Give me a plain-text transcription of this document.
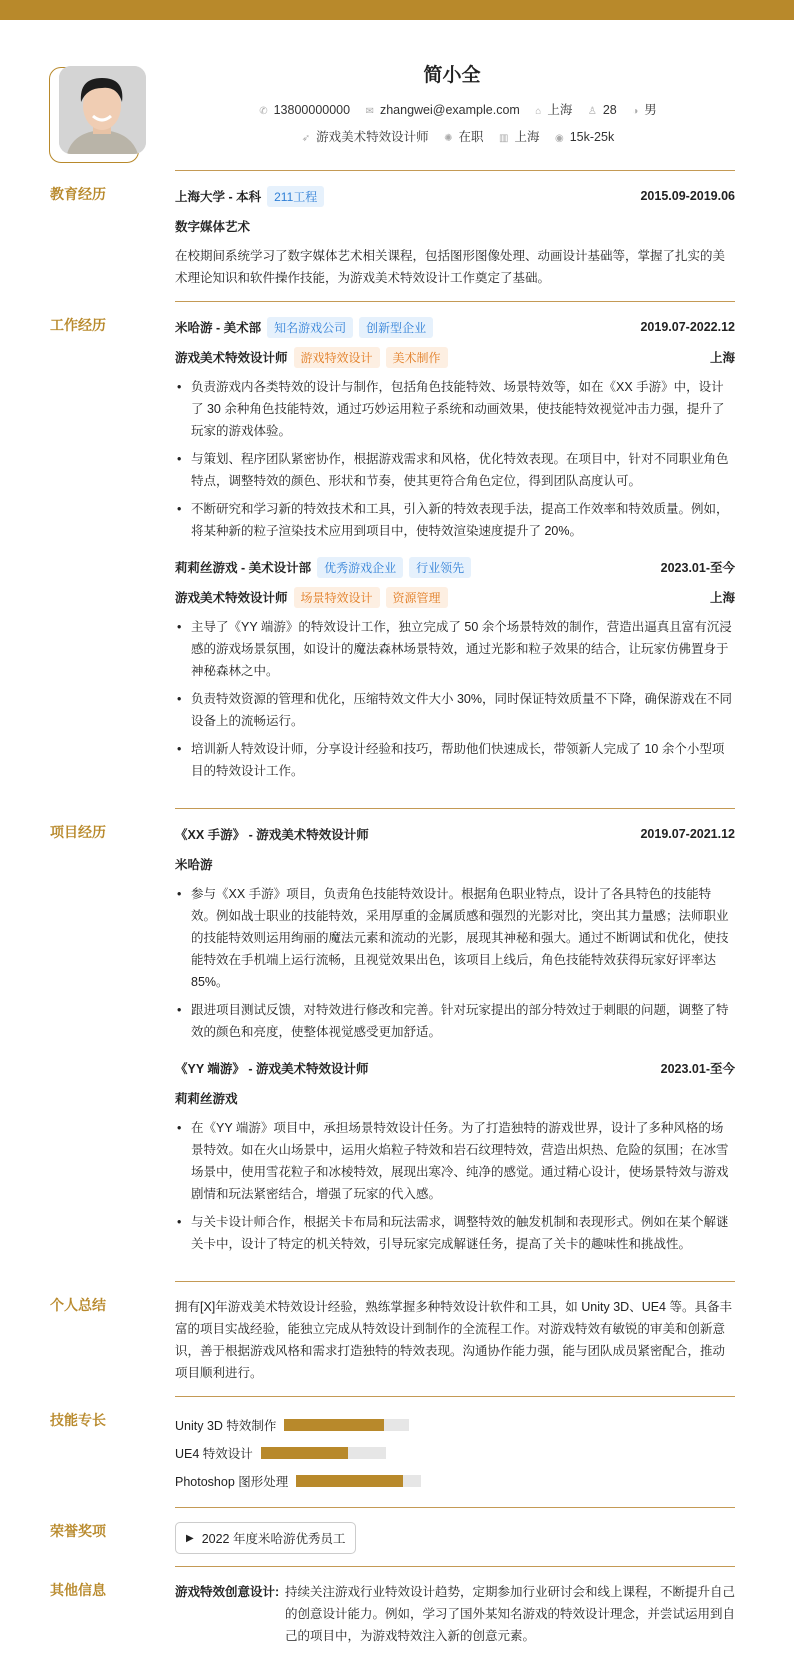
简小全
✆ 13800000000 ✉ zhangwei@example.com ⌂ 上海 ♙ 28 ◑ 男
➶ 游戏美术特效设计师 ✺ 在职 ▥ 上海 ◉ 15k-25k
教育经历	上海大学 - 本科 211工程	2015.09-2019.06
数字媒体艺术
在校期间系统学习了数字媒体艺术相关课程，包括图形图像处理、动画设计基础等，掌握了扎实的美术理论知识和软件操作技能，为游戏美术特效设计工作奠定了基础。
工作经历	米哈游 - 美术部 知名游戏公司 创新型企业	2019.07-2022.12
游戏美术特效设计师 游戏特效设计 美术制作	上海
• 负责游戏内各类特效的设计与制作，包括角色技能特效、场景特效等，如在《XX 手游》中，设计了 30 余种角色技能特效，通过巧妙运用粒子系统和动画效果，使技能特效视觉冲击力强，提升了玩家的游戏体验。
• 与策划、程序团队紧密协作，根据游戏需求和风格，优化特效表现。在项目中，针对不同职业角色特点，调整特效的颜色、形状和节奏，使其更符合角色定位，得到团队高度认可。
• 不断研究和学习新的特效技术和工具，引入新的特效表现手法，提高工作效率和特效质量。例如，将某种新的粒子渲染技术应用到项目中，使特效渲染速度提升了 20%。
莉莉丝游戏 - 美术设计部 优秀游戏企业 行业领先	2023.01-至今
游戏美术特效设计师 场景特效设计 资源管理	上海
• 主导了《YY 端游》的特效设计工作，独立完成了 50 余个场景特效的制作，营造出逼真且富有沉浸感的游戏场景氛围，如设计的魔法森林场景特效，通过光影和粒子效果的结合，让玩家仿佛置身于神秘森林之中。
• 负责特效资源的管理和优化，压缩特效文件大小 30%，同时保证特效质量不下降，确保游戏在不同设备上的流畅运行。
• 培训新人特效设计师，分享设计经验和技巧，帮助他们快速成长，带领新人完成了 10 余个小型项目的特效设计工作。
项目经历	《XX 手游》 - 游戏美术特效设计师	2019.07-2021.12
米哈游
• 参与《XX 手游》项目，负责角色技能特效设计。根据角色职业特点，设计了各具特色的技能特效。例如战士职业的技能特效，采用厚重的金属质感和强烈的光影对比，突出其力量感；法师职业的技能特效则运用绚丽的魔法元素和流动的光影，展现其神秘和强大。通过不断调试和优化，使技能特效在手机端上运行流畅，且视觉效果出色，该项目上线后，角色技能特效获得玩家好评率达 85%。
• 跟进项目测试反馈，对特效进行修改和完善。针对玩家提出的部分特效过于刺眼的问题，调整了特效的颜色和亮度，使整体视觉感受更加舒适。
《YY 端游》 - 游戏美术特效设计师	2023.01-至今
莉莉丝游戏
• 在《YY 端游》项目中，承担场景特效设计任务。为了打造独特的游戏世界，设计了多种风格的场景特效。如在火山场景中，运用火焰粒子特效和岩石纹理特效，营造出炽热、危险的氛围；在冰雪场景中，使用雪花粒子和冰棱特效，展现出寒冷、纯净的感觉。通过精心设计，使场景特效与游戏剧情和玩法紧密结合，增强了玩家的代入感。
• 与关卡设计师合作，根据关卡布局和玩法需求，调整特效的触发机制和表现形式。例如在某个解谜关卡中，设计了特定的机关特效，引导玩家完成解谜任务，提高了关卡的趣味性和挑战性。
个人总结	拥有[X]年游戏美术特效设计经验，熟练掌握多种特效设计软件和工具，如 Unity 3D、UE4 等。具备丰富的项目实战经验，能独立完成从特效设计到制作的全流程工作。对游戏特效有敏锐的审美和创新意识，善于根据游戏风格和需求打造独特的特效表现。沟通协作能力强，能与团队成员紧密配合，推动项目顺利进行。
技能专长	Unity 3D 特效制作
UE4 特效设计
Photoshop 图形处理
荣誉奖项	▶ 2022 年度米哈游优秀员工
其他信息	游戏特效创意设计: 持续关注游戏行业特效设计趋势，定期参加行业研讨会和线上课程，不断提升自己的创意设计能力。例如，学习了国外某知名游戏的特效设计理念，并尝试运用到自己的项目中，为游戏特效注入新的创意元素。
